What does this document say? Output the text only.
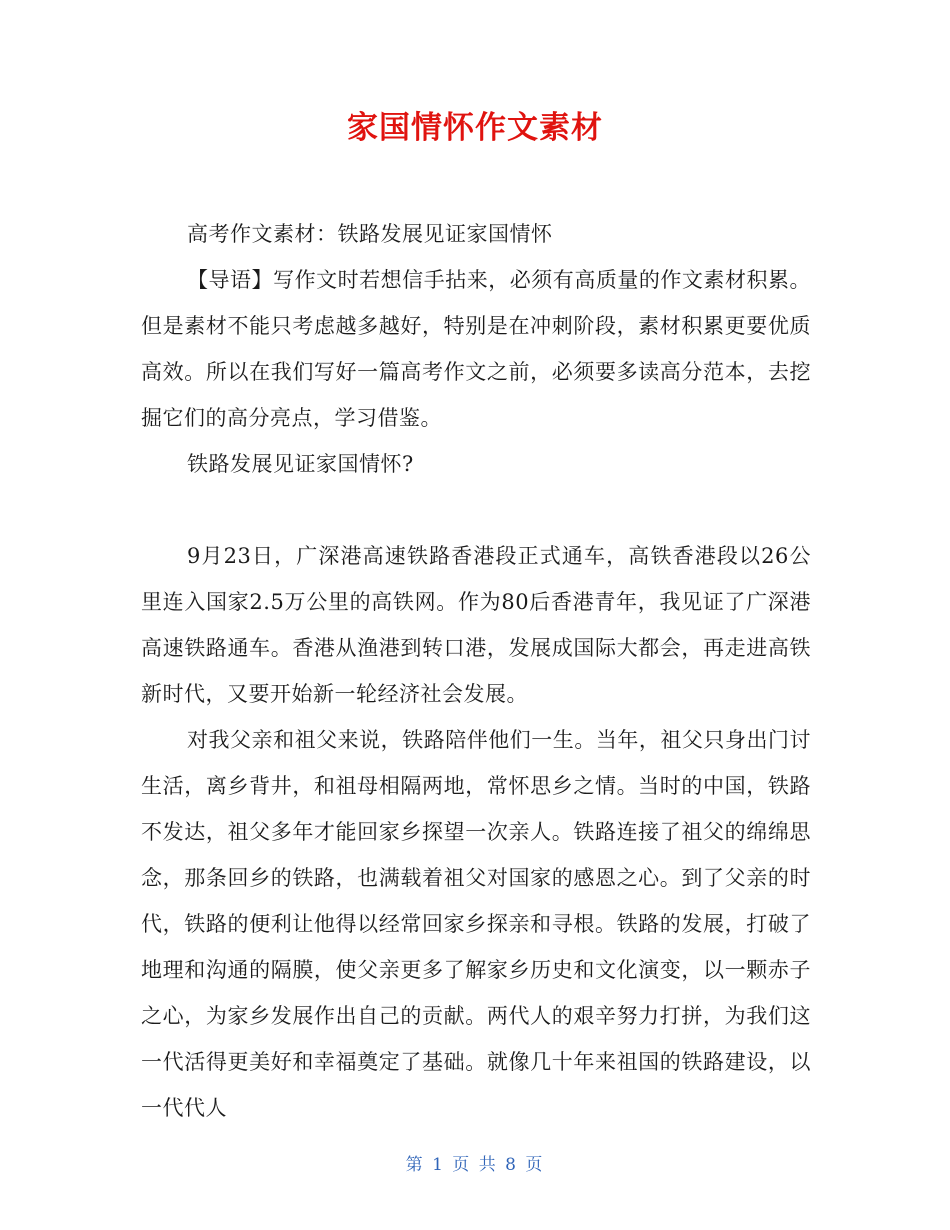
家国情怀作文素材

高考作文素材：铁路发展见证家国情怀

【导语】写作文时若想信手拈来，必须有高质量的作文素材积累。但是素材不能只考虑越多越好，特别是在冲刺阶段，素材积累更要优质高效。所以在我们写好一篇高考作文之前，必须要多读高分范本，去挖掘它们的高分亮点，学习借鉴。

铁路发展见证家国情怀?

9月23日，广深港高速铁路香港段正式通车，高铁香港段以26公里连入国家2.5万公里的高铁网。作为80后香港青年，我见证了广深港高速铁路通车。香港从渔港到转口港，发展成国际大都会，再走进高铁新时代，又要开始新一轮经济社会发展。

对我父亲和祖父来说，铁路陪伴他们一生。当年，祖父只身出门讨生活，离乡背井，和祖母相隔两地，常怀思乡之情。当时的中国，铁路不发达，祖父多年才能回家乡探望一次亲人。铁路连接了祖父的绵绵思念，那条回乡的铁路，也满载着祖父对国家的感恩之心。到了父亲的时代，铁路的便利让他得以经常回家乡探亲和寻根。铁路的发展，打破了地理和沟通的隔膜，使父亲更多了解家乡历史和文化演变，以一颗赤子之心，为家乡发展作出自己的贡献。两代人的艰辛努力打拼，为我们这一代活得更美好和幸福奠定了基础。就像几十年来祖国的铁路建设，以一代代人

第 1 页 共 8 页
